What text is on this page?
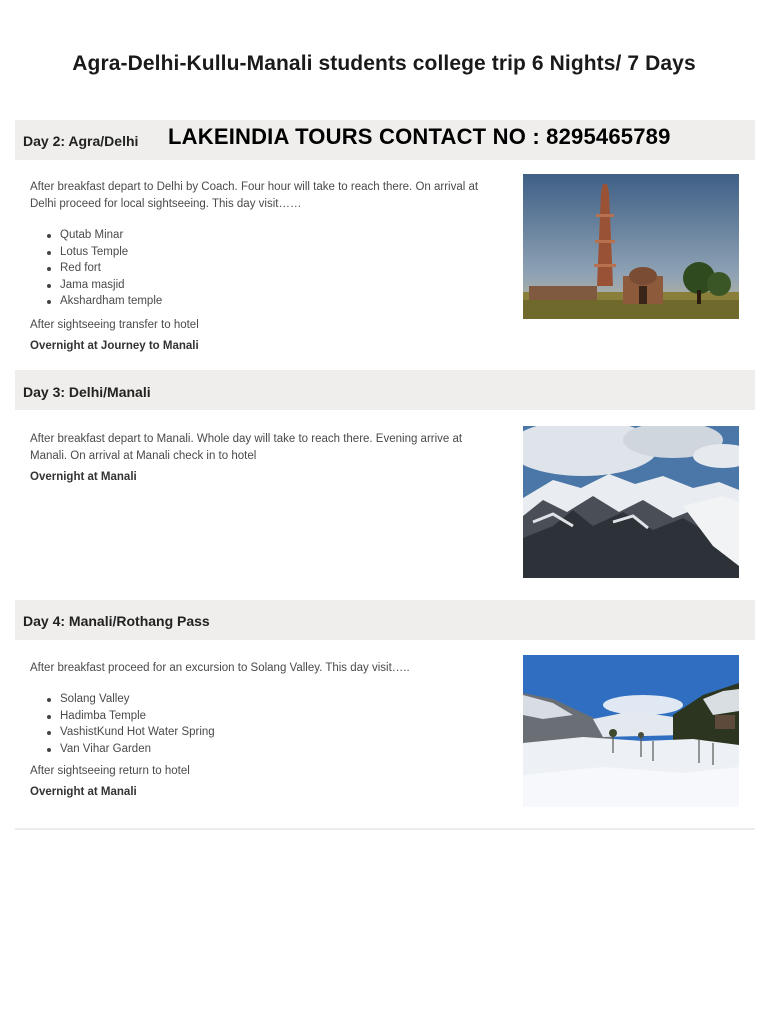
Agra-Delhi-Kullu-Manali students college trip 6 Nights/ 7 Days
Day 2: Agra/Delhi LAKEINDIA TOURS CONTACT NO : 8295465789
After breakfast depart to Delhi by Coach. Four hour will take to reach there. On arrival at Delhi proceed for local sightseeing. This day visit……
Qutab Minar
Lotus Temple
Red fort
Jama masjid
Akshardham temple
After sightseeing transfer to hotel
Overnight at Journey to Manali
Day 3: Delhi/Manali
After breakfast depart to Manali. Whole day will take to reach there. Evening arrive at Manali. On arrival at Manali check in to hotel
Overnight at Manali
Day 4: Manali/Rothang Pass
After breakfast proceed for an excursion to Solang Valley. This day visit…..
Solang Valley
Hadimba Temple
VashistKund Hot Water Spring
Van Vihar Garden
After sightseeing return to hotel
Overnight at Manali
